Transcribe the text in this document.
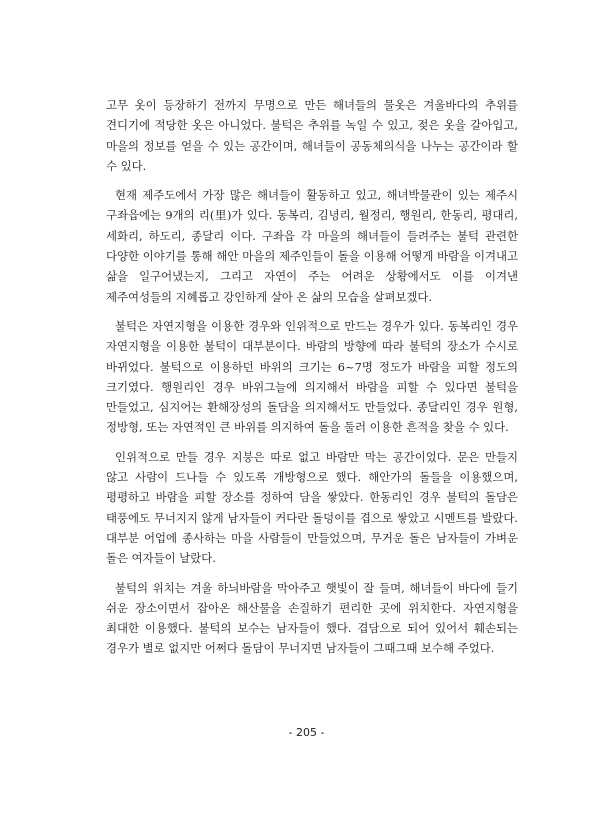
고무 옷이 등장하기 전까지 무명으로 만든 해녀들의 물옷은 겨울바다의 추위를 견디기에 적당한 옷은 아니었다. 불턱은 추위를 녹일 수 있고, 젖은 옷을 갈아입고, 마을의 정보를 얻을 수 있는 공간이며, 해녀들이 공동체의식을 나누는 공간이라 할 수 있다.

현재 제주도에서 가장 많은 해녀들이 활동하고 있고, 해녀박물관이 있는 제주시 구좌읍에는 9개의 리(里)가 있다. 동복리, 김녕리, 월정리, 행원리, 한동리, 평대리, 세화리, 하도리, 종달리 이다. 구좌읍 각 마을의 해녀들이 들려주는 불턱 관련한 다양한 이야기를 통해 해안 마을의 제주인들이 돌을 이용해 어떻게 바람을 이겨내고 삶을 일구어냈는지, 그리고 자연이 주는 어려운 상황에서도 이를 이겨낸 제주여성들의 지혜롭고 강인하게 살아 온 삶의 모습을 살펴보겠다.

불턱은 자연지형을 이용한 경우와 인위적으로 만드는 경우가 있다. 동복리인 경우 자연지형을 이용한 불턱이 대부분이다. 바람의 방향에 따라 불턱의 장소가 수시로 바뀌었다. 불턱으로 이용하던 바위의 크기는 6~7명 정도가 바람을 피할 정도의 크기였다. 행원리인 경우 바위그늘에 의지해서 바람을 피할 수 있다면 불턱을 만들었고, 심지어는 환해장성의 돌담을 의지해서도 만들었다. 종달리인 경우 원형, 정방형, 또는 자연적인 큰 바위를 의지하여 돌을 둘러 이용한 흔적을 찾을 수 있다.

인위적으로 만들 경우 지붕은 따로 없고 바람만 막는 공간이었다. 문은 만들지 않고 사람이 드나들 수 있도록 개방형으로 했다. 해안가의 돌들을 이용했으며, 평평하고 바람을 피할 장소를 정하여 담을 쌓았다. 한동리인 경우 불턱의 돌담은 태풍에도 무너지지 않게 남자들이 커다란 돌덩이를 겹으로 쌓았고 시멘트를 발랐다. 대부분 어업에 종사하는 마을 사람들이 만들었으며, 무거운 돌은 남자들이 가벼운 돌은 여자들이 날랐다.

불턱의 위치는 겨울 하늬바람을 막아주고 햇빛이 잘 들며, 해녀들이 바다에 들기 쉬운 장소이면서 잡아온 해산물을 손질하기 편리한 곳에 위치한다. 자연지형을 최대한 이용했다. 불턱의 보수는 남자들이 했다. 겹담으로 되어 있어서 훼손되는 경우가 별로 없지만 어쩌다 돌담이 무너지면 남자들이 그때그때 보수해 주었다.

- 205 -
